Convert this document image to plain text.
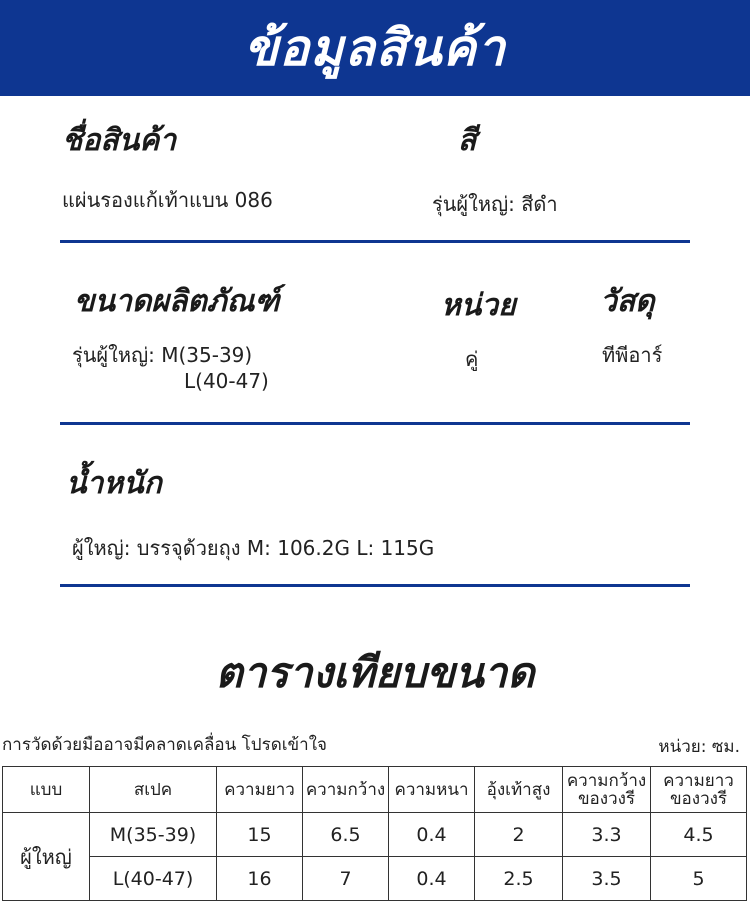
ข้อมูลสินค้า
ชื่อสินค้า
แผ่นรองแก้เท้าแบน 086
สี
รุ่นผู้ใหญ่: สีดำ
ขนาดผลิตภัณฑ์
รุ่นผู้ใหญ่: M(35-39)
L(40-47)
หน่วย
คู่
วัสดุ
ทีพีอาร์
น้ำหนัก
ผู้ใหญ่: บรรจุด้วยถุง M: 106.2G L: 115G
ตารางเทียบขนาด
การวัดด้วยมืออาจมีคลาดเคลื่อน โปรดเข้าใจ	หน่วย: ซม.
แบบ	สเปค	ความยาว	ความกว้าง	ความหนา	อุ้งเท้าสูง	ความกว้างของวงรี	ความยาวของวงรี
ผู้ใหญ่	M(35-39)	15	6.5	0.4	2	3.3	4.5
	L(40-47)	16	7	0.4	2.5	3.5	5
